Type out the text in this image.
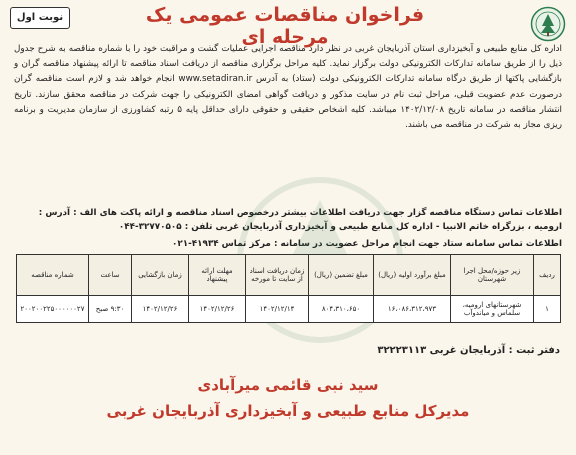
نوبت اول	فراخوان مناقصات عمومی یک مرحله ای
اداره کل منابع طبیعی و آبخیزداری استان آذربایجان غربی در نظر دارد مناقصه اجرایی عملیات گشت و مراقبت خود را با شماره مناقصه به شرح جدول ذیل را از طریق سامانه تدارکات الکترونیکی دولت برگزار نماید. کلیه مراحل برگزاری مناقصه از دریافت اسناد مناقصه تا ارائه پیشنهاد مناقصه گران و بازگشایی پاکتها از طریق درگاه سامانه تدارکات الکترونیکی دولت (ستاد) به آدرس www.setadiran.ir انجام خواهد شد و لازم است مناقصه گران درصورت عدم عضویت قبلی، مراحل ثبت نام در سایت مذکور و دریافت گواهی امضای الکترونیکی را جهت شرکت در مناقصه محقق سازند. تاریخ انتشار مناقصه در سامانه تاریخ ۱۴۰۲/۱۲/۰۸ میباشد. کلیه اشخاص حقیقی و حقوقی دارای حداقل پایه ۵ رتبه کشاورزی از سازمان مدیریت و برنامه ریزی مجاز به شرکت در مناقصه می باشند.
اطلاعات تماس دستگاه مناقصه گزار جهت دریافت اطلاعات بیشتر درخصوص اسناد مناقصه و ارائه پاکت های الف : آدرس : ارومیه ، بزرگراه خاتم الانبیا - اداره کل منابع طبیعی و آبخیزداری آذربایجان غربی تلفن : ۳۲۷۷۰۵۰۵-۰۴۴
اطلاعات تماس سامانه ستاد جهت انجام مراحل عضویت در سامانه : مرکز تماس ۴۱۹۳۴-۰۲۱
ردیف	زیر حوزه/محل اجرا شهرستان	مبلغ برآورد اولیه (ریال)	مبلغ تضمین (ریال)	زمان دریافت اسناد از سایت تا مورخه	مهلت ارائه پیشنهاد	زمان بازگشایی	ساعت	شماره مناقصه
۱	شهرستانهای ارومیه، سلماس و میاندوآب	۱۶،۰۸۶،۳۱۲،۹۷۳	۸۰۴،۳۱۰،۶۵۰	۱۴۰۲/۱۲/۱۴	۱۴۰۲/۱۲/۲۶	۱۴۰۲/۱۲/۲۶	۹:۳۰ صبح	۲۰۰۲۰۰۲۲۵۰۰۰۰۰۰۲۷
دفتر ثبت : آذربایجان غربی ۳۲۲۲۳۱۱۳
سید نبی قائمی میرآبادی
مدیرکل منابع طبیعی و آبخیزداری آذربایجان غربی
